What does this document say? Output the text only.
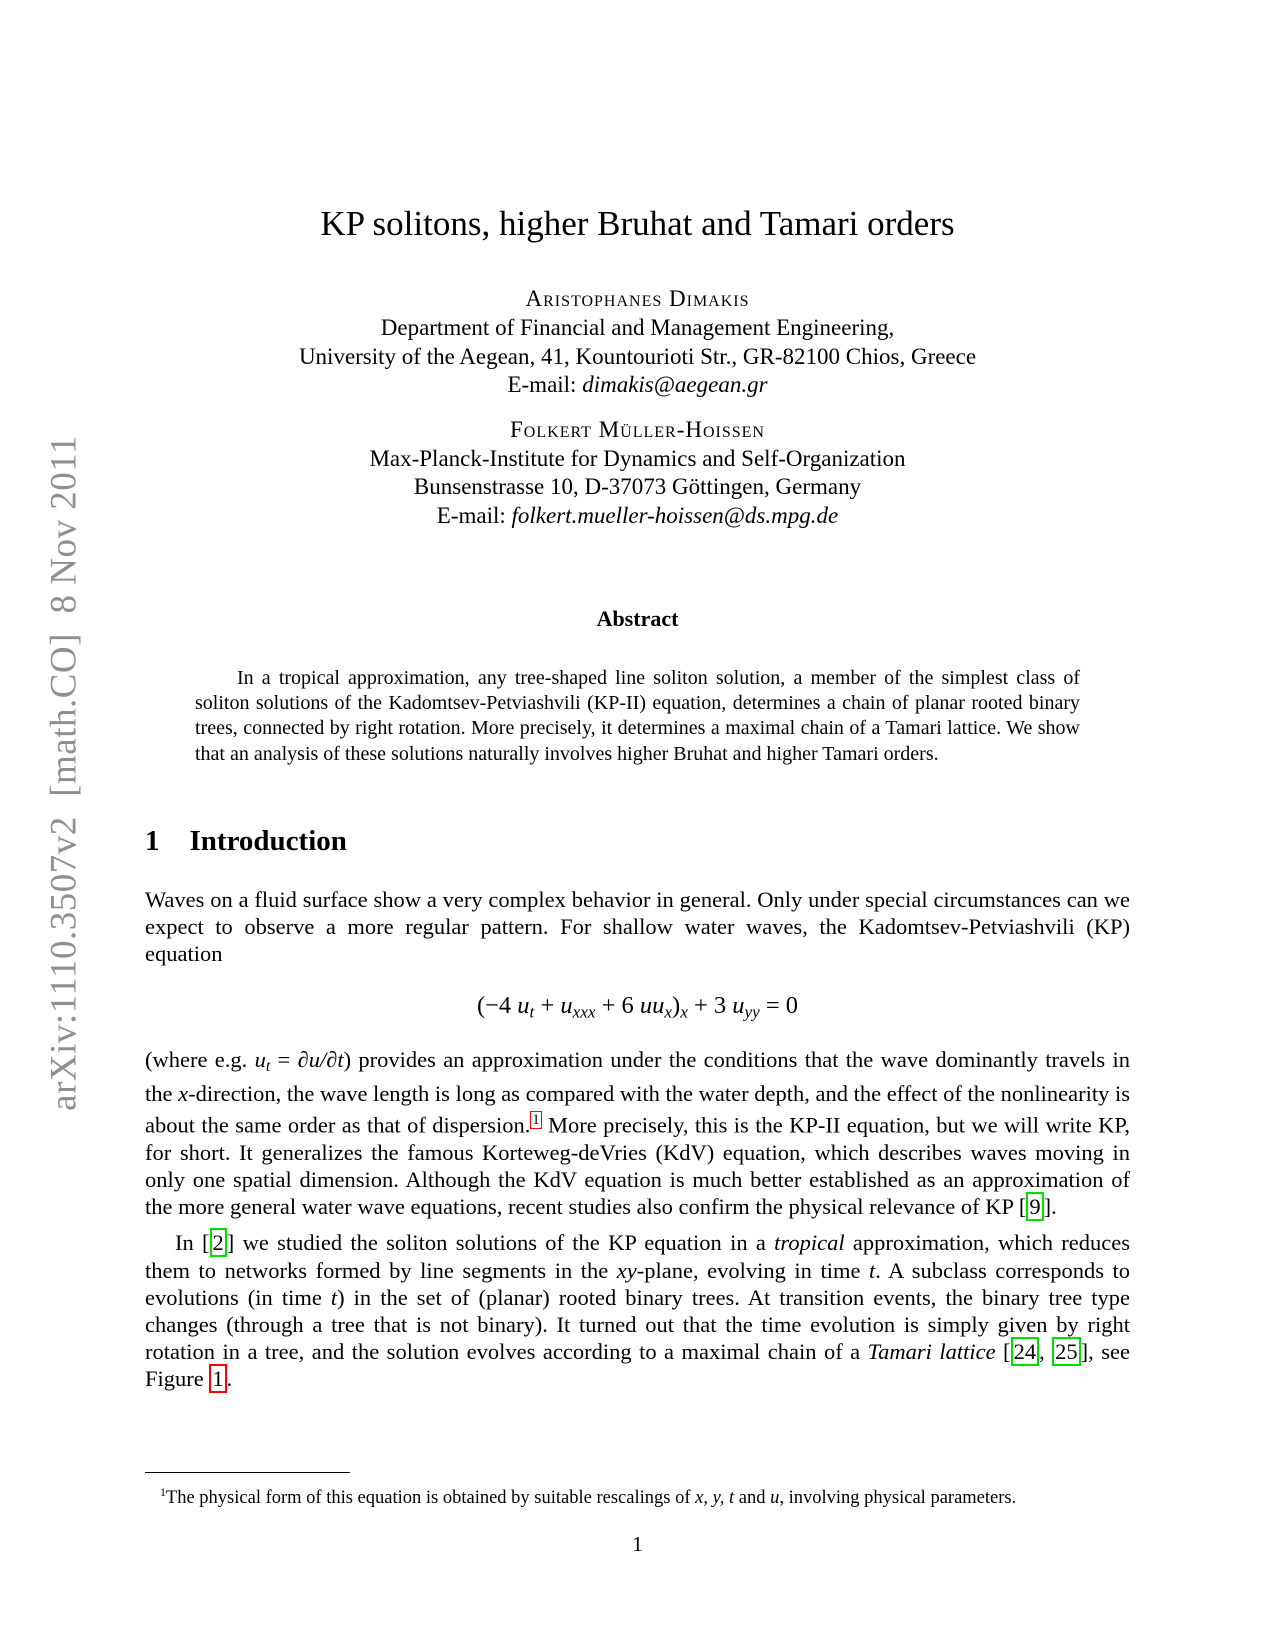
arXiv:1110.3507v2  [math.CO]  8 Nov 2011
KP solitons, higher Bruhat and Tamari orders
Aristophanes Dimakis
Department of Financial and Management Engineering,
University of the Aegean, 41, Kountourioti Str., GR-82100 Chios, Greece
E-mail: dimakis@aegean.gr
Folkert Müller-Hoissen
Max-Planck-Institute for Dynamics and Self-Organization
Bunsenstrasse 10, D-37073 Göttingen, Germany
E-mail: folkert.mueller-hoissen@ds.mpg.de
Abstract

In a tropical approximation, any tree-shaped line soliton solution, a member of the simplest class of soliton solutions of the Kadomtsev-Petviashvili (KP-II) equation, determines a chain of planar rooted binary trees, connected by right rotation. More precisely, it determines a maximal chain of a Tamari lattice. We show that an analysis of these solutions naturally involves higher Bruhat and higher Tamari orders.

1 Introduction

Waves on a fluid surface show a very complex behavior in general. Only under special circumstances can we expect to observe a more regular pattern. For shallow water waves, the Kadomtsev-Petviashvili (KP) equation

(−4 ut + uxxx + 6 uux)x + 3 uyy = 0

(where e.g. ut = ∂u/∂t) provides an approximation under the conditions that the wave dominantly travels in the x-direction, the wave length is long as compared with the water depth, and the effect of the nonlinearity is about the same order as that of dispersion. $^1$ More precisely, this is the KP-II equation, but we will write KP, for short. It generalizes the famous Korteweg-deVries (KdV) equation, which describes waves moving in only one spatial dimension. Although the KdV equation is much better established as an approximation of the more general water wave equations, recent studies also confirm the physical relevance of KP [ 9 ].

In [ 2 ] we studied the soliton solutions of the KP equation in a tropical approximation, which reduces them to networks formed by line segments in the xy-plane, evolving in time t. A subclass corresponds to evolutions (in time t) in the set of (planar) rooted binary trees. At transition events, the binary tree type changes (through a tree that is not binary). It turned out that the time evolution is simply given by right rotation in a tree, and the solution evolves according to a maximal chain of a Tamari lattice [ 24 , 25 ], see Figure 1 .

$^1$The physical form of this equation is obtained by suitable rescalings of x, y, t and u, involving physical parameters.

1
